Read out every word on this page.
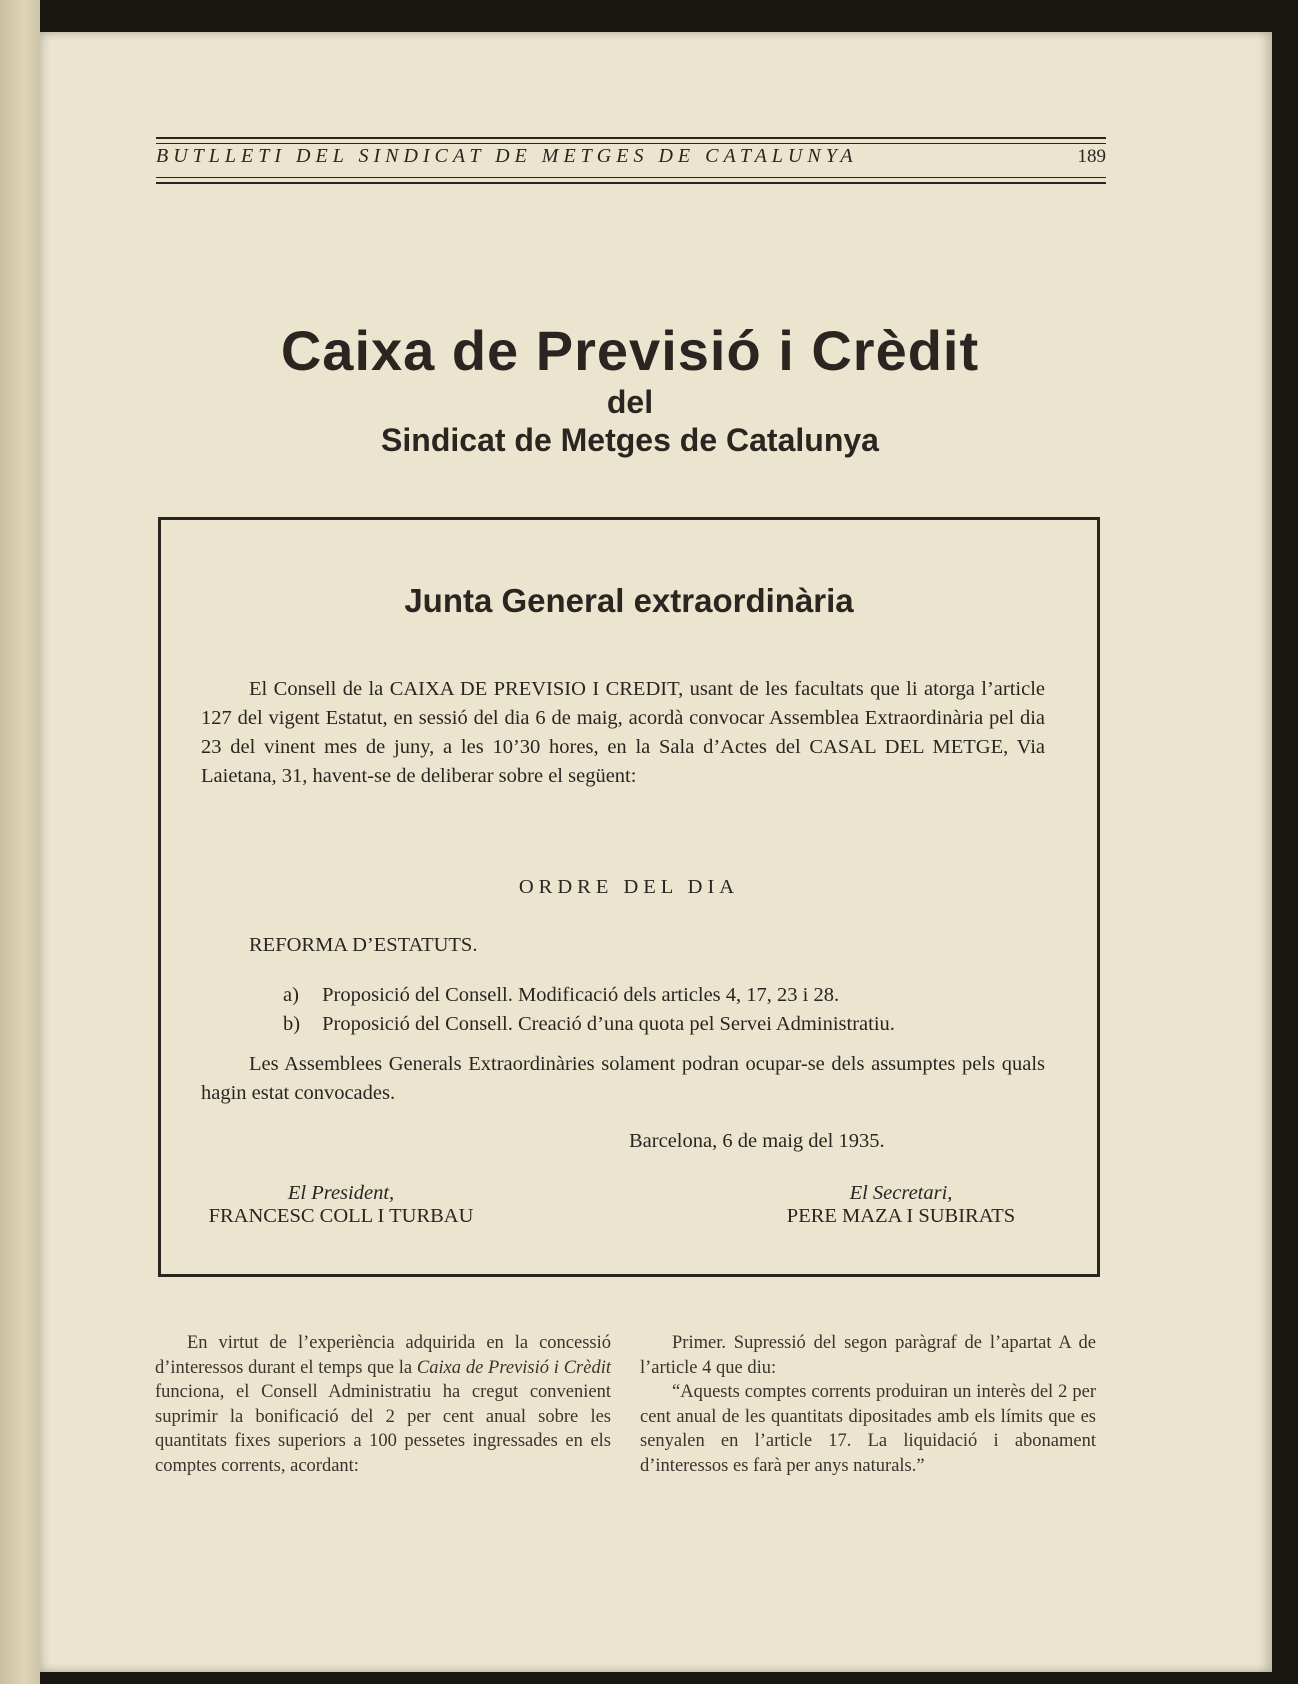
BUTLLETI DEL SINDICAT DE METGES DE CATALUNYA	189
Caixa de Previsió i Crèdit
del
Sindicat de Metges de Catalunya
Junta General extraordinària
El Consell de la CAIXA DE PREVISIO I CREDIT, usant de les facultats que li atorga l’article 127 del vigent Estatut, en sessió del dia 6 de maig, acordà convocar Assemblea Extraordinària pel dia 23 del vinent mes de juny, a les 10’30 hores, en la Sala d’Actes del CASAL DEL METGE, Via Laietana, 31, havent-se de deliberar sobre el següent:
ORDRE DEL DIA
REFORMA D’ESTATUTS.
a) Proposició del Consell. Modificació dels articles 4, 17, 23 i 28.
b) Proposició del Consell. Creació d’una quota pel Servei Administratiu.
Les Assemblees Generals Extraordinàries solament podran ocupar-se dels assumptes pels quals hagin estat convocades.
Barcelona, 6 de maig del 1935.
El President,
FRANCESC COLL I TURBAU
El Secretari,
PERE MAZA I SUBIRATS

En virtut de l’experiència adquirida en la concessió d’interessos durant el temps que la Caixa de Previsió i Crèdit funciona, el Consell Administratiu ha cregut convenient suprimir la bonificació del 2 per cent anual sobre les quantitats fixes superiors a 100 pessetes ingressades en els comptes corrents, acordant:

Primer. Supressió del segon paràgraf de l’apartat A de l’article 4 que diu:

“Aquests comptes corrents produiran un interès del 2 per cent anual de les quantitats dipositades amb els límits que es senyalen en l’article 17. La liquidació i abonament d’interessos es farà per anys naturals.”
